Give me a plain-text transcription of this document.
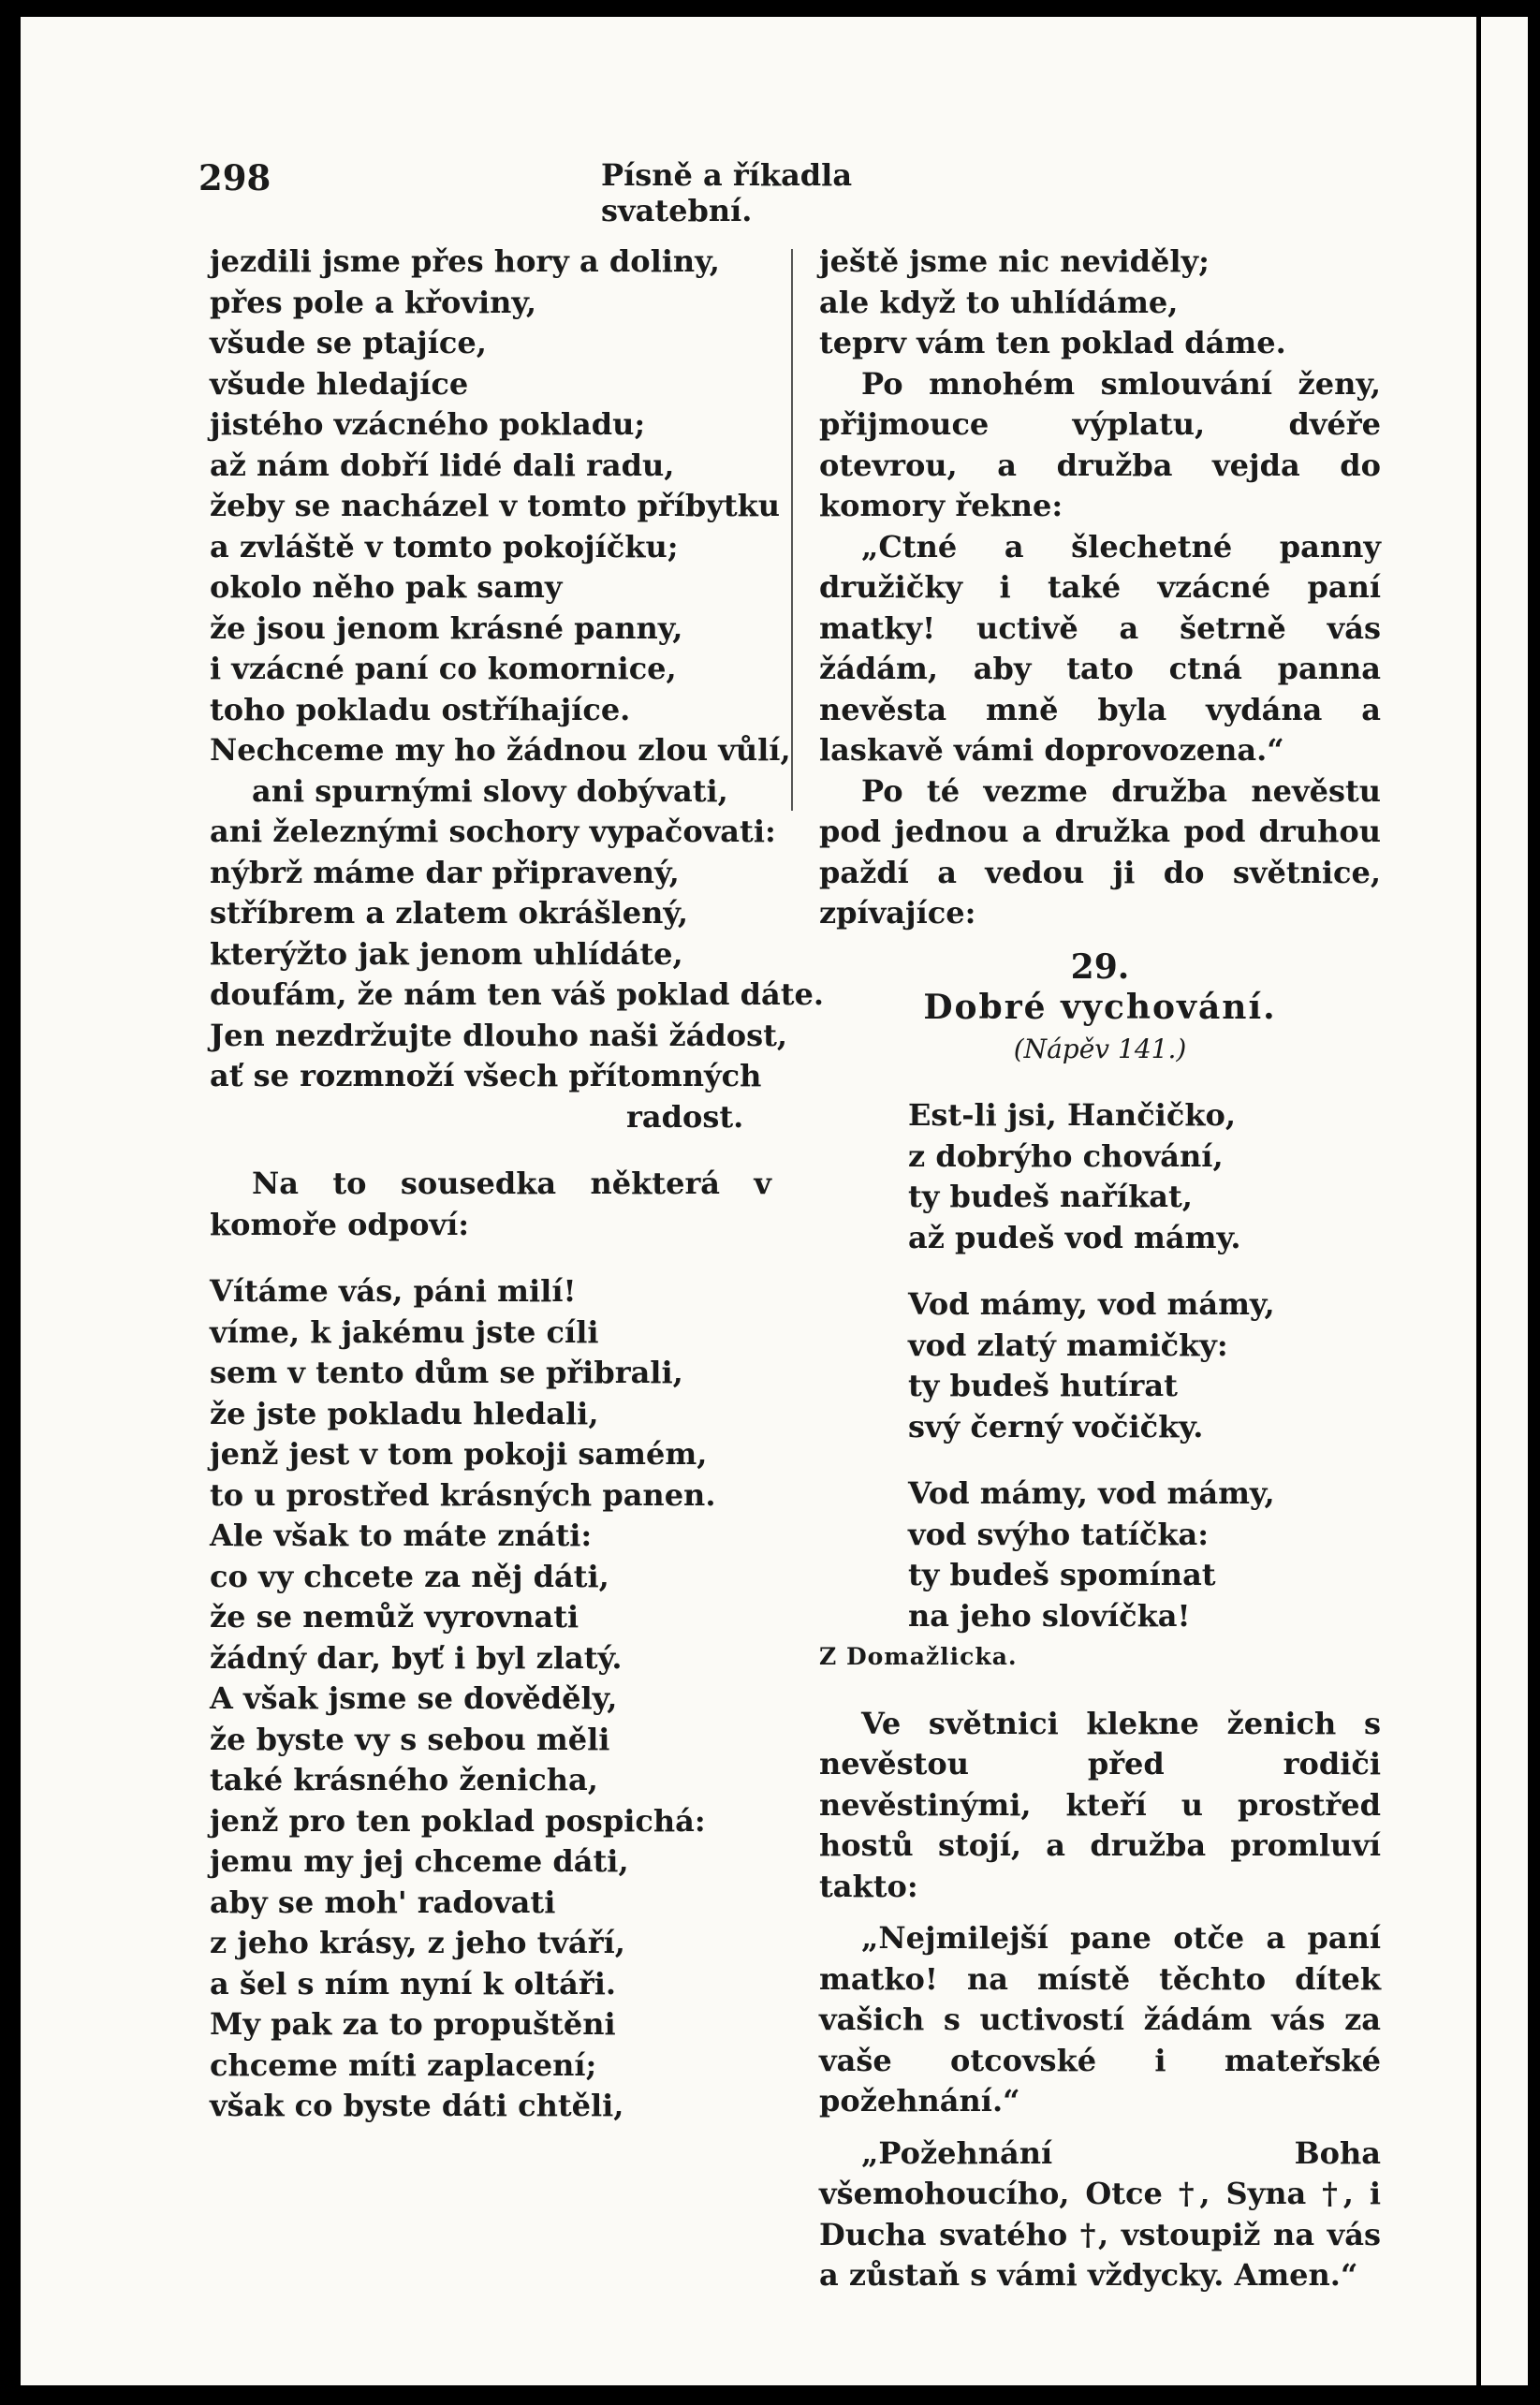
298	Písně a říkadla svatební.
jezdili jsme přes hory a doliny,
přes pole a křoviny,
všude se ptajíce,
všude hledajíce
jistého vzácného pokladu;
až nám dobří lidé dali radu,
žeby se nacházel v tomto příbytku
a zvláště v tomto pokojíčku;
okolo něho pak samy
že jsou jenom krásné panny,
i vzácné paní co komornice,
toho pokladu ostříhajíce.
Nechceme my ho žádnou zlou vůlí,
ani spurnými slovy dobývati,
ani železnými sochory vypačovati:
nýbrž máme dar připravený,
stříbrem a zlatem okrášlený,
kterýžto jak jenom uhlídáte,
doufám, že nám ten váš poklad dáte.
Jen nezdržujte dlouho naši žádost,
ať se rozmnoží všech přítomných
radost.
Na to sousedka některá v komoře odpoví:
Vítáme vás, páni milí!
víme, k jakému jste cíli
sem v tento dům se přibrali,
že jste pokladu hledali,
jenž jest v tom pokoji samém,
to u prostřed krásných panen.
Ale však to máte znáti:
co vy chcete za něj dáti,
že se nemůž vyrovnati
žádný dar, byť i byl zlatý.
A však jsme se dověděly,
že byste vy s sebou měli
také krásného ženicha,
jenž pro ten poklad pospichá:
jemu my jej chceme dáti,
aby se moh' radovati
z jeho krásy, z jeho tváří,
a šel s ním nyní k oltáři.
My pak za to propuštěni
chceme míti zaplacení;
však co byste dáti chtěli,
ještě jsme nic neviděly;
ale když to uhlídáme,
teprv vám ten poklad dáme.
Po mnohém smlouvání ženy, přijmouce výplatu, dvéře otevrou, a družba vejda do komory řekne:
„Ctné a šlechetné panny družičky i také vzácné paní matky! uctivě a šetrně vás žádám, aby tato ctná panna nevěsta mně byla vydána a laskavě vámi doprovozena.“
Po té vezme družba nevěstu pod jednou a družka pod druhou paždí a vedou ji do světnice, zpívajíce:
29.
Dobré vychování.
(Nápěv 141.)
Est-li jsi, Hančičko,
z dobrýho chování,
ty budeš naříkat,
až pudeš vod mámy.
Vod mámy, vod mámy,
vod zlatý mamičky:
ty budeš hutírat
svý černý vočičky.
Vod mámy, vod mámy,
vod svýho tatíčka:
ty budeš spomínat
na jeho slovíčka!
Z Domažlicka.
Ve světnici klekne ženich s nevěstou před rodiči nevěstinými, kteří u prostřed hostů stojí, a družba promluví takto:
„Nejmilejší pane otče a paní matko! na místě těchto dítek vašich s uctivostí žádám vás za vaše otcovské i mateřské požehnání.“
„Požehnání Boha všemohoucího, Otce †, Syna †, i Ducha svatého †, vstoupiž na vás a zůstaň s vámi vždycky. Amen.“
